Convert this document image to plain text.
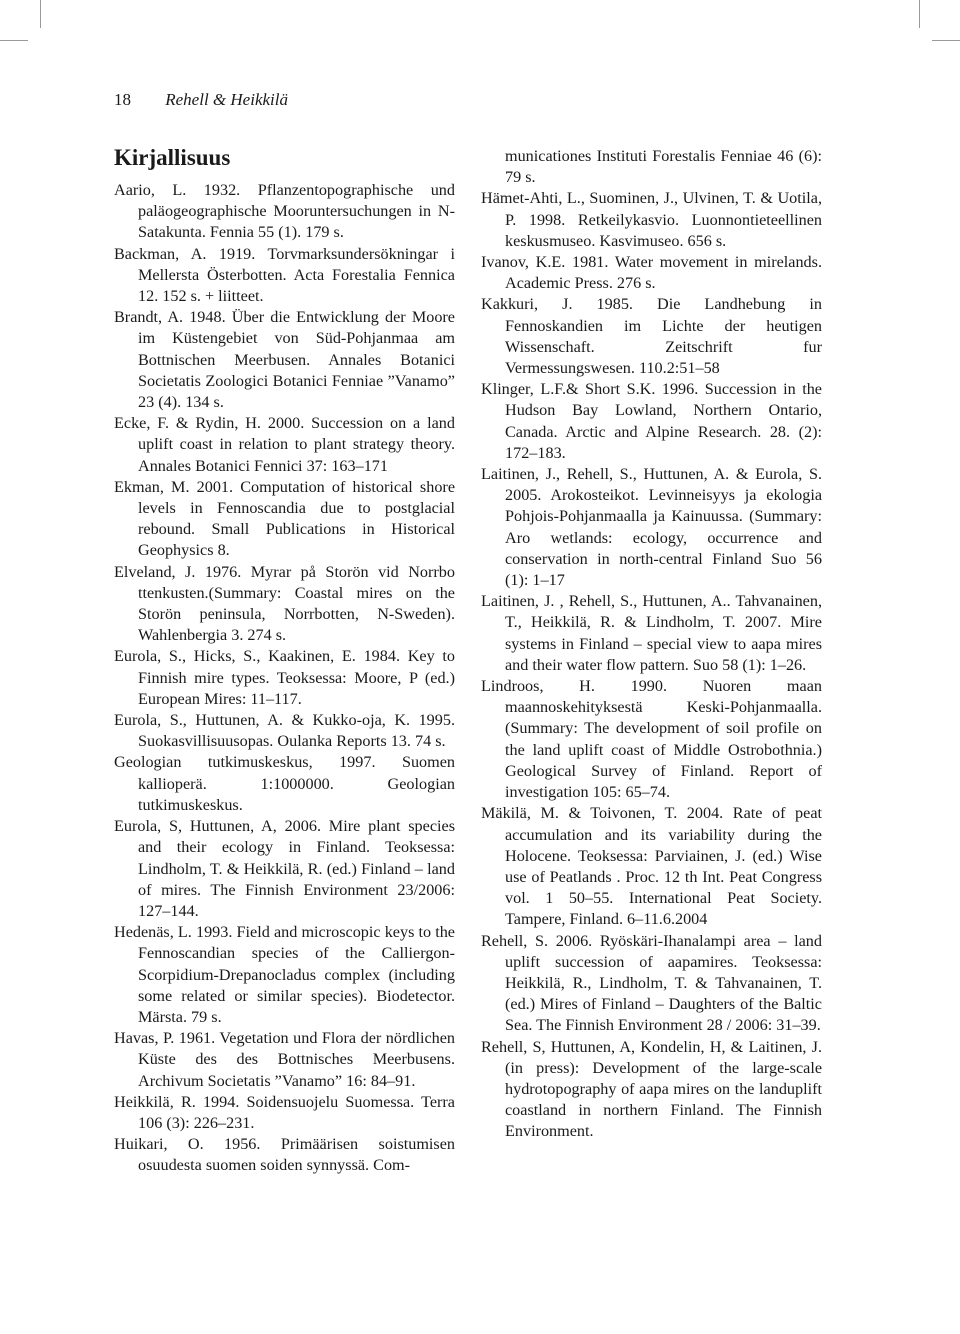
18 Rehell & Heikkilä
Kirjallisuus

Aario, L. 1932. Pflanzentopographische und paläogeographische Mooruntersuchungen in N-Satakunta. Fennia 55 (1). 179 s.

Backman, A. 1919. Torvmarksundersökningar i Mellersta Österbotten. Acta Forestalia Fennica 12. 152 s. + liitteet.

Brandt, A. 1948. Über die Entwicklung der Moore im Küstengebiet von Süd-Pohjanmaa am Bottnischen Meerbusen. Annales Botanici Societatis Zoologici Botanici Fenniae ”Vanamo” 23 (4). 134 s.

Ecke, F. & Rydin, H. 2000. Succession on a land uplift coast in relation to plant strategy theory. Annales Botanici Fennici 37: 163–171

Ekman, M. 2001. Computation of historical shore levels in Fennoscandia due to postglacial rebound. Small Publications in Historical Geophysics 8.

Elveland, J. 1976. Myrar på Storön vid Norrbo ttenkusten.(Summary: Coastal mires on the Storön peninsula, Norrbotten, N-Sweden). Wahlenbergia 3. 274 s.

Eurola, S., Hicks, S., Kaakinen, E. 1984. Key to Finnish mire types. Teoksessa: Moore, P (ed.) European Mires: 11–117.

Eurola, S., Huttunen, A. & Kukko-oja, K. 1995. Suokasvillisuusopas. Oulanka Reports 13. 74 s.

Geologian tutkimuskeskus, 1997. Suomen kallioperä. 1:1000000. Geologian tutkimuskeskus.

Eurola, S, Huttunen, A, 2006. Mire plant species and their ecology in Finland. Teoksessa: Lindholm, T. & Heikkilä, R. (ed.) Finland – land of mires. The Finnish Environment 23/2006: 127–144.

Hedenäs, L. 1993. Field and microscopic keys to the Fennoscandian species of the Calliergon-Scorpidium-Drepanocladus complex (including some related or similar species). Biodetector. Märsta. 79 s.

Havas, P. 1961. Vegetation und Flora der nördlichen Küste des des Bottnisches Meerbusens. Archivum Societatis ”Vanamo” 16: 84–91.

Heikkilä, R. 1994. Soidensuojelu Suomessa. Terra 106 (3): 226–231.

Huikari, O. 1956. Primäärisen soistumisen osuudesta suomen soiden synnyssä. Com-

municationes Instituti Forestalis Fenniae 46 (6): 79 s.

Hämet-Ahti, L., Suominen, J., Ulvinen, T. & Uotila, P. 1998. Retkeilykasvio. Luonnontieteellinen keskusmuseo. Kasvimuseo. 656 s.

Ivanov, K.E. 1981. Water movement in mirelands. Academic Press. 276 s.

Kakkuri, J. 1985. Die Landhebung in Fennoskandien im Lichte der heutigen Wissenschaft. Zeitschrift fur Vermessungswesen. 110.2:51–58

Klinger, L.F.& Short S.K. 1996. Succession in the Hudson Bay Lowland, Northern Ontario, Canada. Arctic and Alpine Research. 28. (2): 172–183.

Laitinen, J., Rehell, S., Huttunen, A. & Eurola, S. 2005. Arokosteikot. Levinneisyys ja ekologia Pohjois-Pohjanmaalla ja Kainuussa. (Summary: Aro wetlands: ecology, occurrence and conservation in north-central Finland Suo 56 (1): 1–17

Laitinen, J. , Rehell, S., Huttunen, A.. Tahvanainen, T., Heikkilä, R. & Lindholm, T. 2007. Mire systems in Finland – special view to aapa mires and their water flow pattern. Suo 58 (1): 1–26.

Lindroos, H. 1990. Nuoren maan maannoskehityksestä Keski-Pohjanmaalla. (Summary: The development of soil profile on the land uplift coast of Middle Ostrobothnia.) Geological Survey of Finland. Report of investigation 105: 65–74.

Mäkilä, M. & Toivonen, T. 2004. Rate of peat accumulation and its variability during the Holocene. Teoksessa: Parviainen, J. (ed.) Wise use of Peatlands . Proc. 12 th Int. Peat Congress vol. 1 50–55. International Peat Society. Tampere, Finland. 6–11.6.2004

Rehell, S. 2006. Ryöskäri-Ihanalampi area – land uplift succession of aapamires. Teoksessa: Heikkilä, R., Lindholm, T. & Tahvanainen, T. (ed.) Mires of Finland – Daughters of the Baltic Sea. The Finnish Environment 28 / 2006: 31–39.

Rehell, S, Huttunen, A, Kondelin, H, & Laitinen, J. (in press): Development of the large-scale hydrotopography of aapa mires on the landuplift coastland in northern Finland. The Finnish Environment.
